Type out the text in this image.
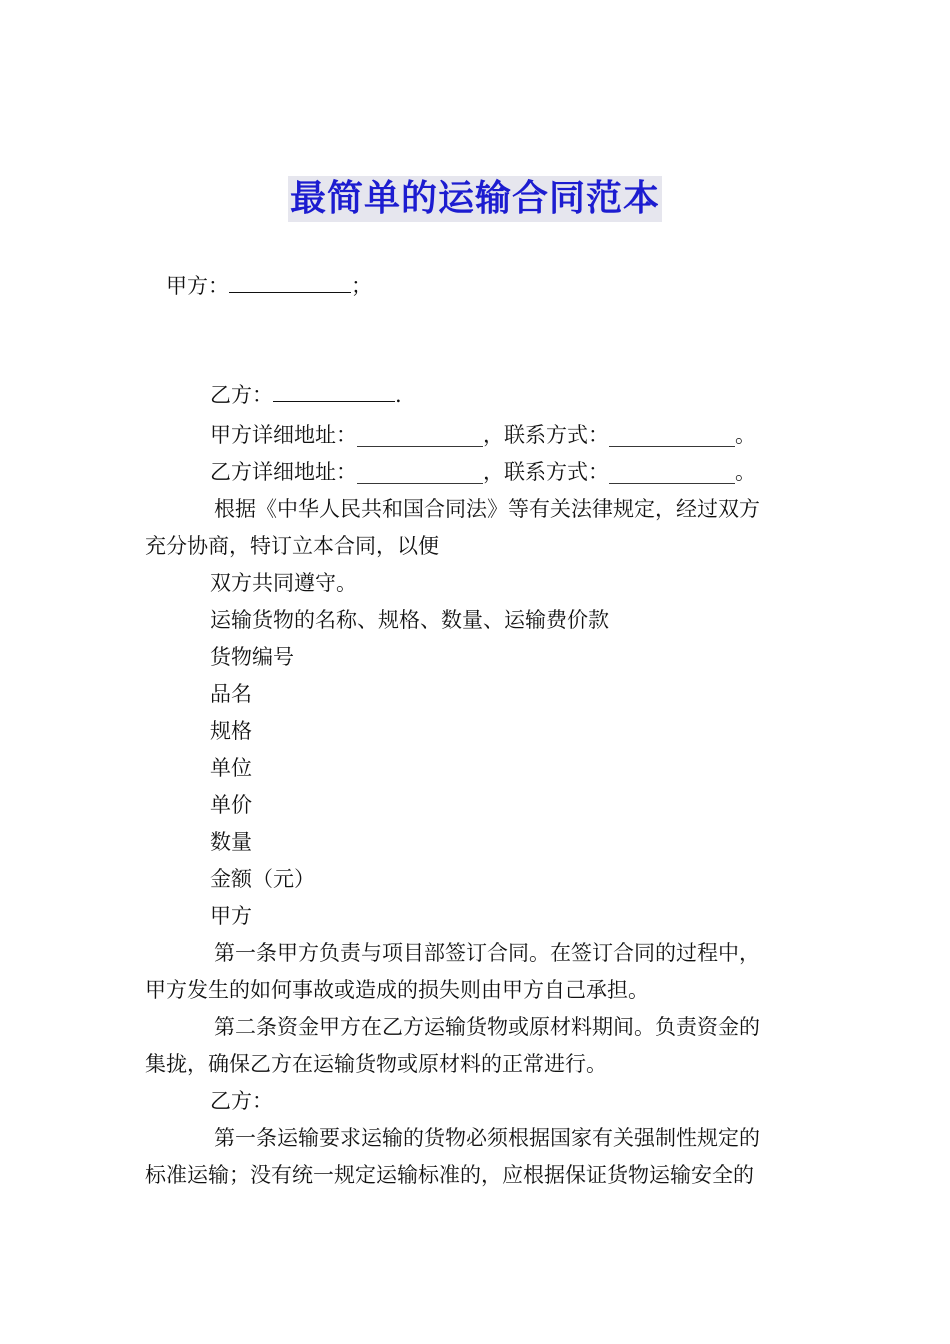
最简单的运输合同范本
甲方：	；
乙方：	.
甲方详细地址：____________，联系方式：____________。
乙方详细地址：____________，联系方式：____________。
根据《中华人民共和国合同法》等有关法律规定，经过双方
充分协商，特订立本合同，以便
双方共同遵守。
运输货物的名称、规格、数量、运输费价款
货物编号
品名
规格
单位
单价
数量
金额（元）
甲方
第一条甲方负责与项目部签订合同。在签订合同的过程中，
甲方发生的如何事故或造成的损失则由甲方自己承担。
第二条资金甲方在乙方运输货物或原材料期间。负责资金的
集拢，确保乙方在运输货物或原材料的正常进行。
乙方：
第一条运输要求运输的货物必须根据国家有关强制性规定的
标准运输；没有统一规定运输标准的，应根据保证货物运输安全的
